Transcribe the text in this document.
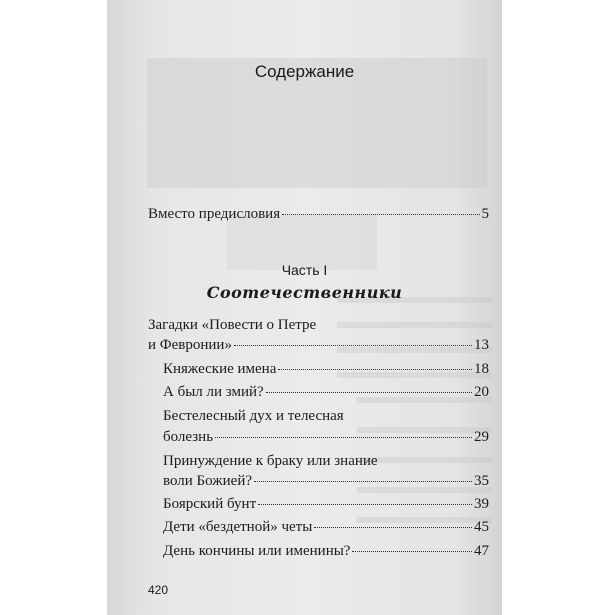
Содержание
Вместо предисловия	5
Часть I
Соотечественники
Загадки «Повести о Петре
и Февронии»	13
Княжеские имена	18
А был ли змий?	20
Бестелесный дух и телесная
болезнь	29
Принуждение к браку или знание
воли Божией?	35
Боярский бунт	39
Дети «бездетной» четы	45
День кончины или именины?	47
420
